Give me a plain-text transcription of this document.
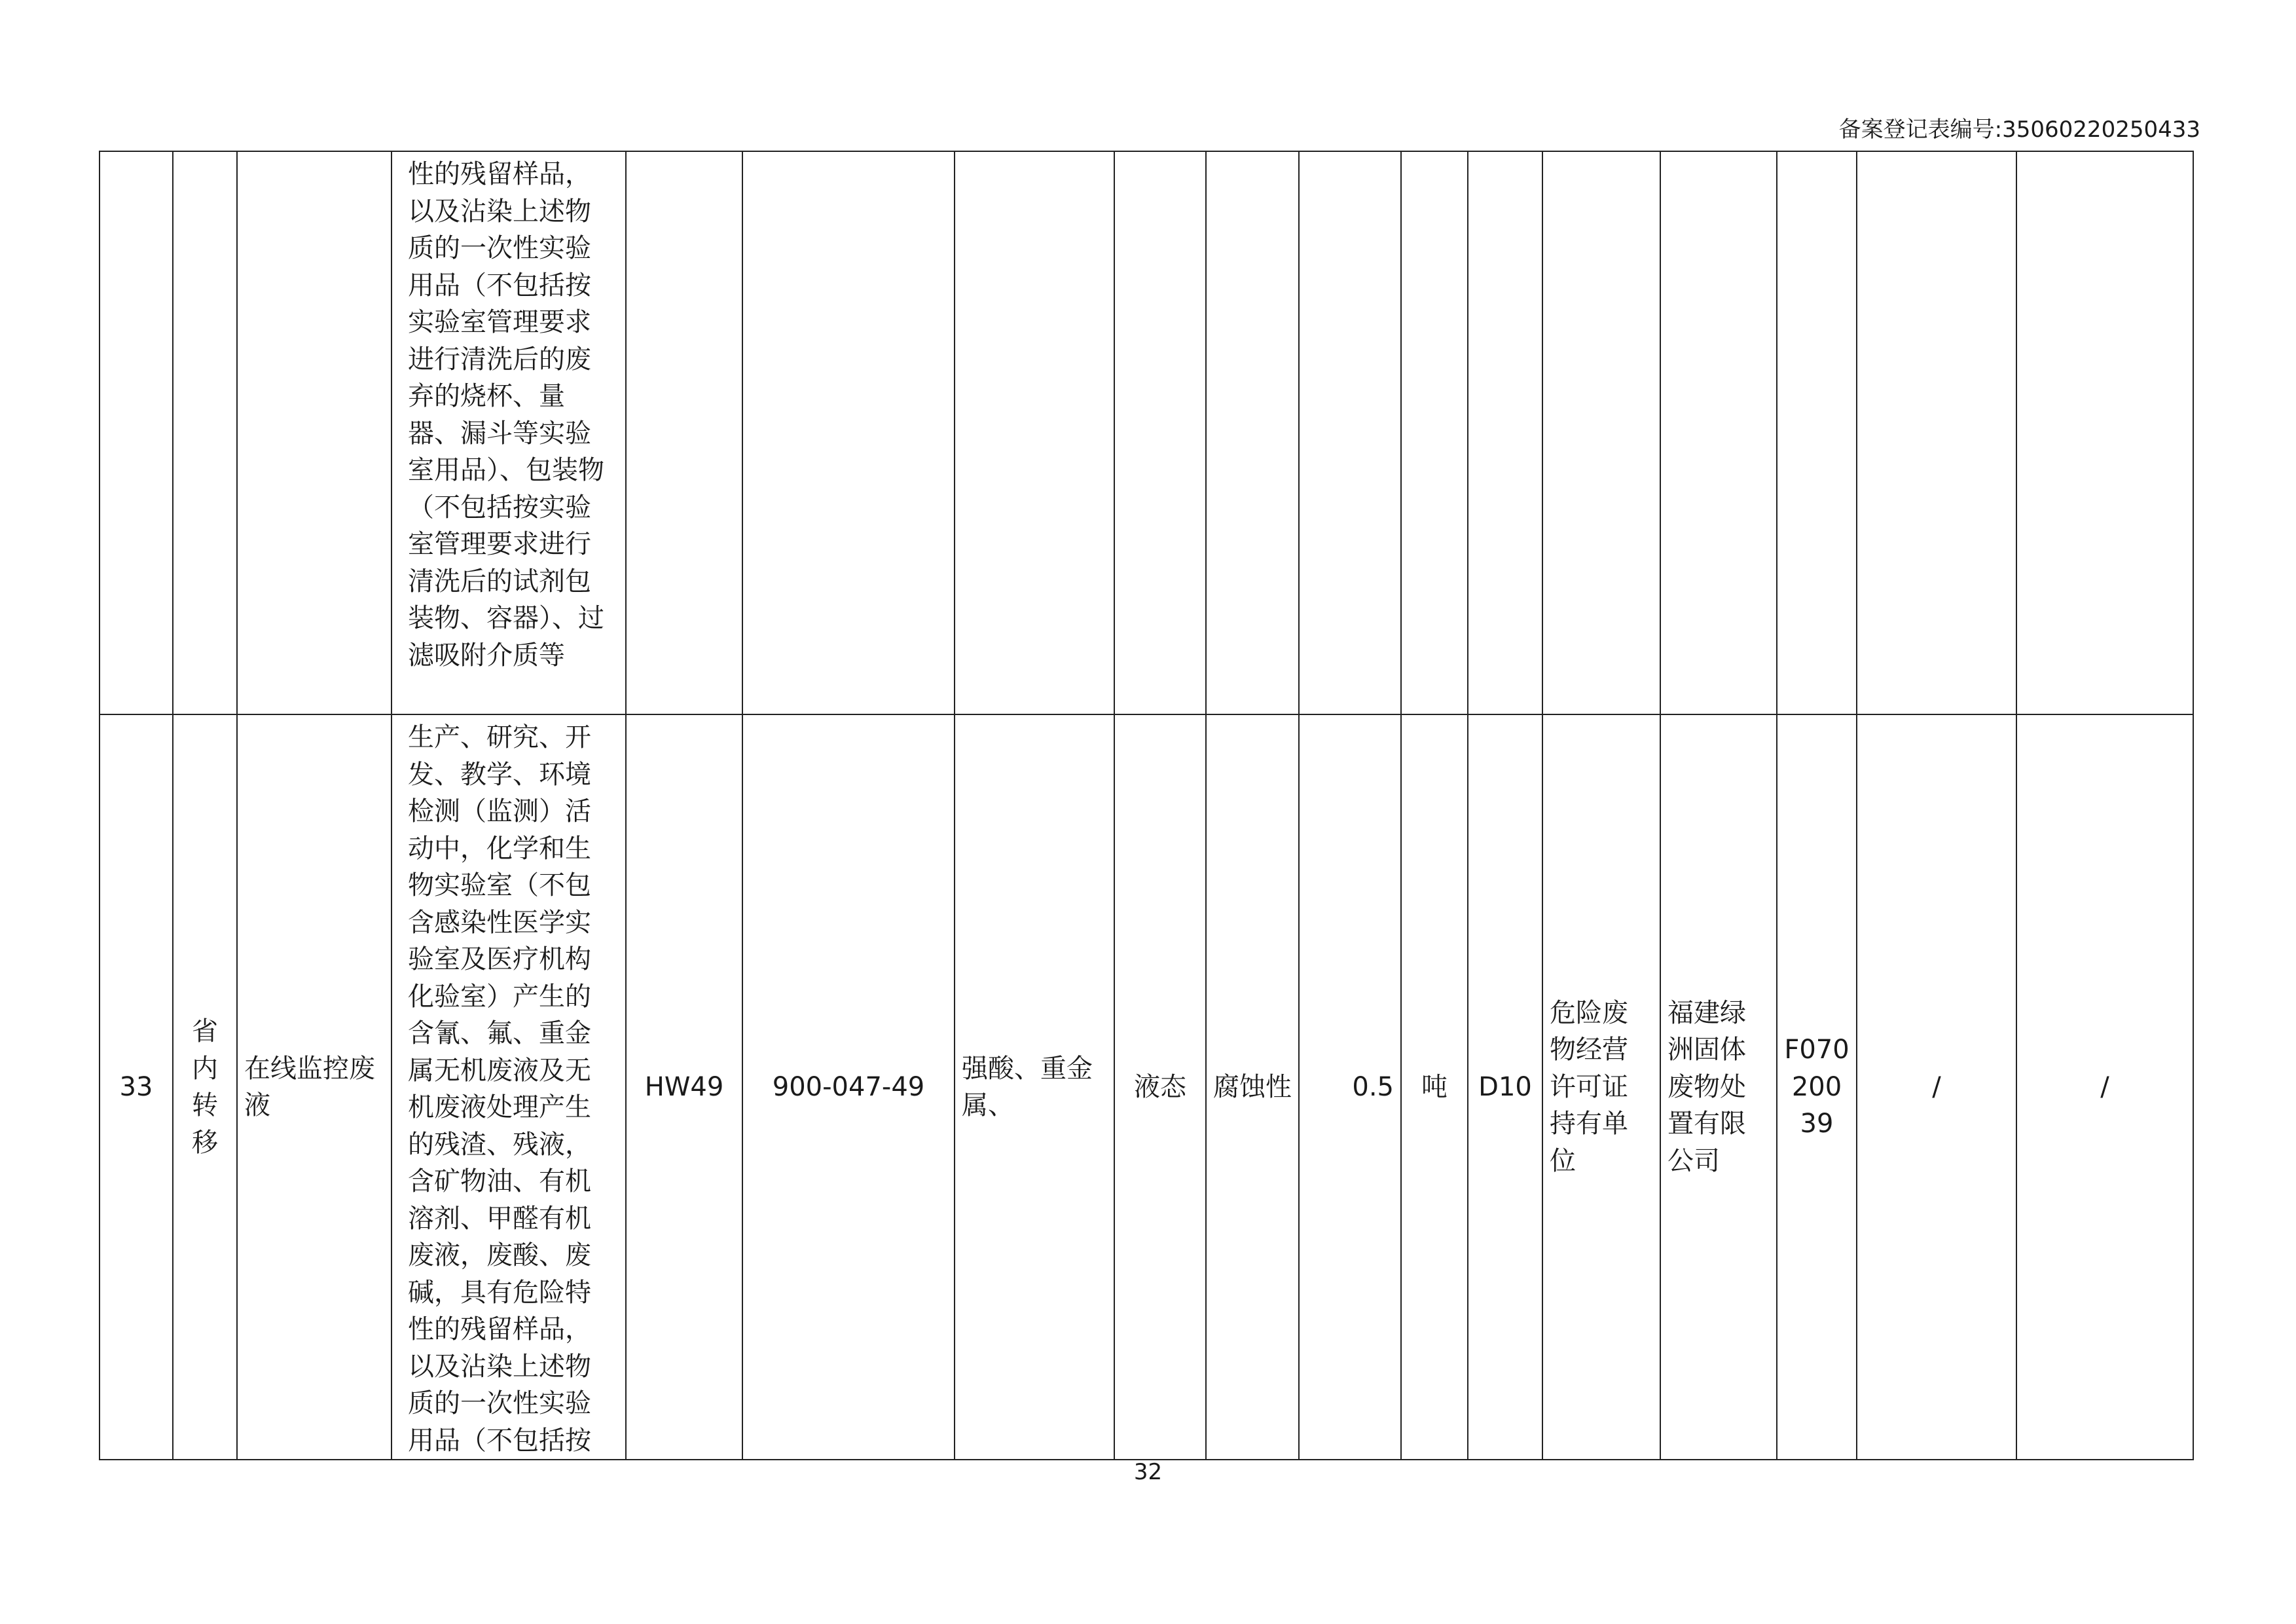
备案登记表编号:35060220250433
			性的残留样品，以及沾染上述物质的一次性实验用品（不包括按实验室管理要求进行清洗后的废弃的烧杯、量器、漏斗等实验室用品）、包装物（不包括按实验室管理要求进行清洗后的试剂包装物、容器）、过滤吸附介质等													
33	省内转移	在线监控废液	生产、研究、开发、教学、环境检测（监测）活动中，化学和生物实验室（不包含感染性医学实验室及医疗机构化验室）产生的含氰、氟、重金属无机废液及无机废液处理产生的残渣、残液，含矿物油、有机溶剂、甲醛有机废液，废酸、废碱，具有危险特性的残留样品，以及沾染上述物质的一次性实验用品（不包括按	HW49	900-047-49	强酸、重金属、	液态	腐蚀性	0.5	吨	D10	危险废物经营许可证持有单位	福建绿洲固体废物处置有限公司	F07020039	/	/
32
